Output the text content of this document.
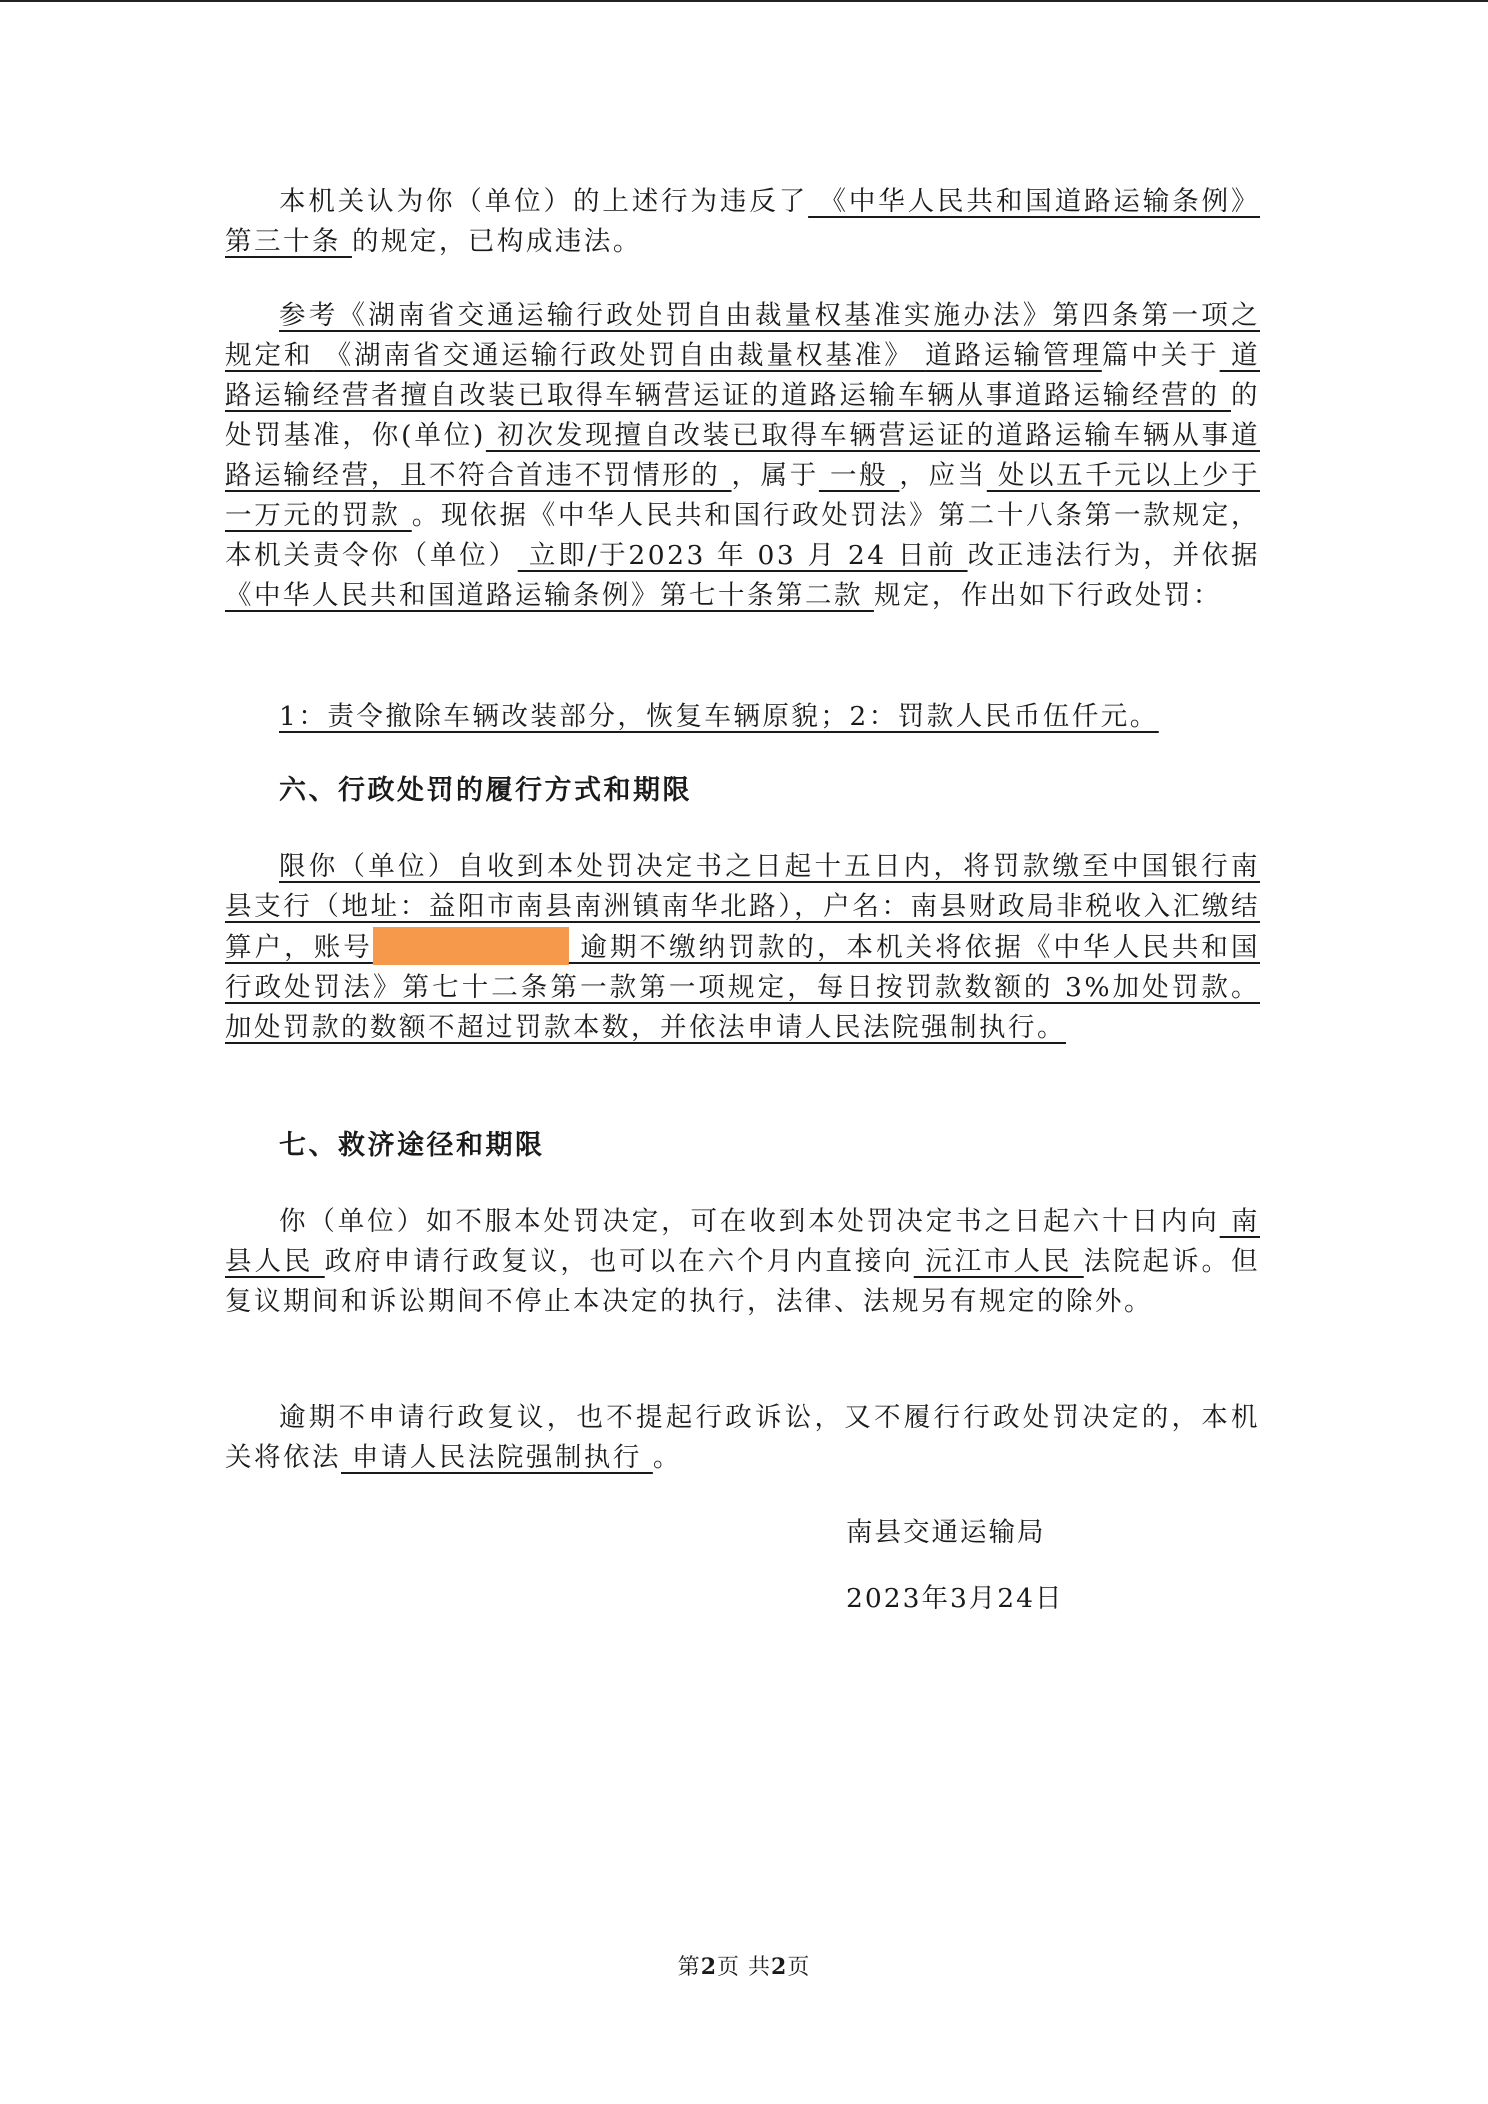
本机关认为你（单位）的上述行为违反了 《中华人民共和国道路运输条例》第三十条 的规定，已构成违法。

参考《湖南省交通运输行政处罚自由裁量权基准实施办法》第四条第一项之规定和 《湖南省交通运输行政处罚自由裁量权基准》 道路运输管理篇中关于 道路运输经营者擅自改装已取得车辆营运证的道路运输车辆从事道路运输经营的 的处罚基准，你(单位) 初次发现擅自改装已取得车辆营运证的道路运输车辆从事道路运输经营，且不符合首违不罚情形的 ，属于 一般 ，应当 处以五千元以上少于一万元的罚款 。现依据《中华人民共和国行政处罚法》第二十八条第一款规定，本机关责令你（单位） 立即/于2023 年 03 月 24 日前 改正违法行为，并依据 《中华人民共和国道路运输条例》第七十条第二款 规定，作出如下行政处罚：

1：责令撤除车辆改装部分，恢复车辆原貌；2：罚款人民币伍仟元。

六、行政处罚的履行方式和期限

限你（单位）自收到本处罚决定书之日起十五日内，将罚款缴至中国银行南县支行（地址：益阳市南县南洲镇南华北路），户名：南县财政局非税收入汇缴结算户，账号	逾期不缴纳罚款的，本机关将依据《中华人民共和国行政处罚法》第七十二条第一款第一项规定，每日按罚款数额的 3%加处罚款。加处罚款的数额不超过罚款本数，并依法申请人民法院强制执行。

七、救济途径和期限

你（单位）如不服本处罚决定，可在收到本处罚决定书之日起六十日内向 南县人民 政府申请行政复议，也可以在六个月内直接向 沅江市人民 法院起诉。但复议期间和诉讼期间不停止本决定的执行，法律、法规另有规定的除外。

逾期不申请行政复议，也不提起行政诉讼，又不履行行政处罚决定的，本机关将依法 申请人民法院强制执行 。

南县交通运输局
2023年3月24日
第2页 共2页
